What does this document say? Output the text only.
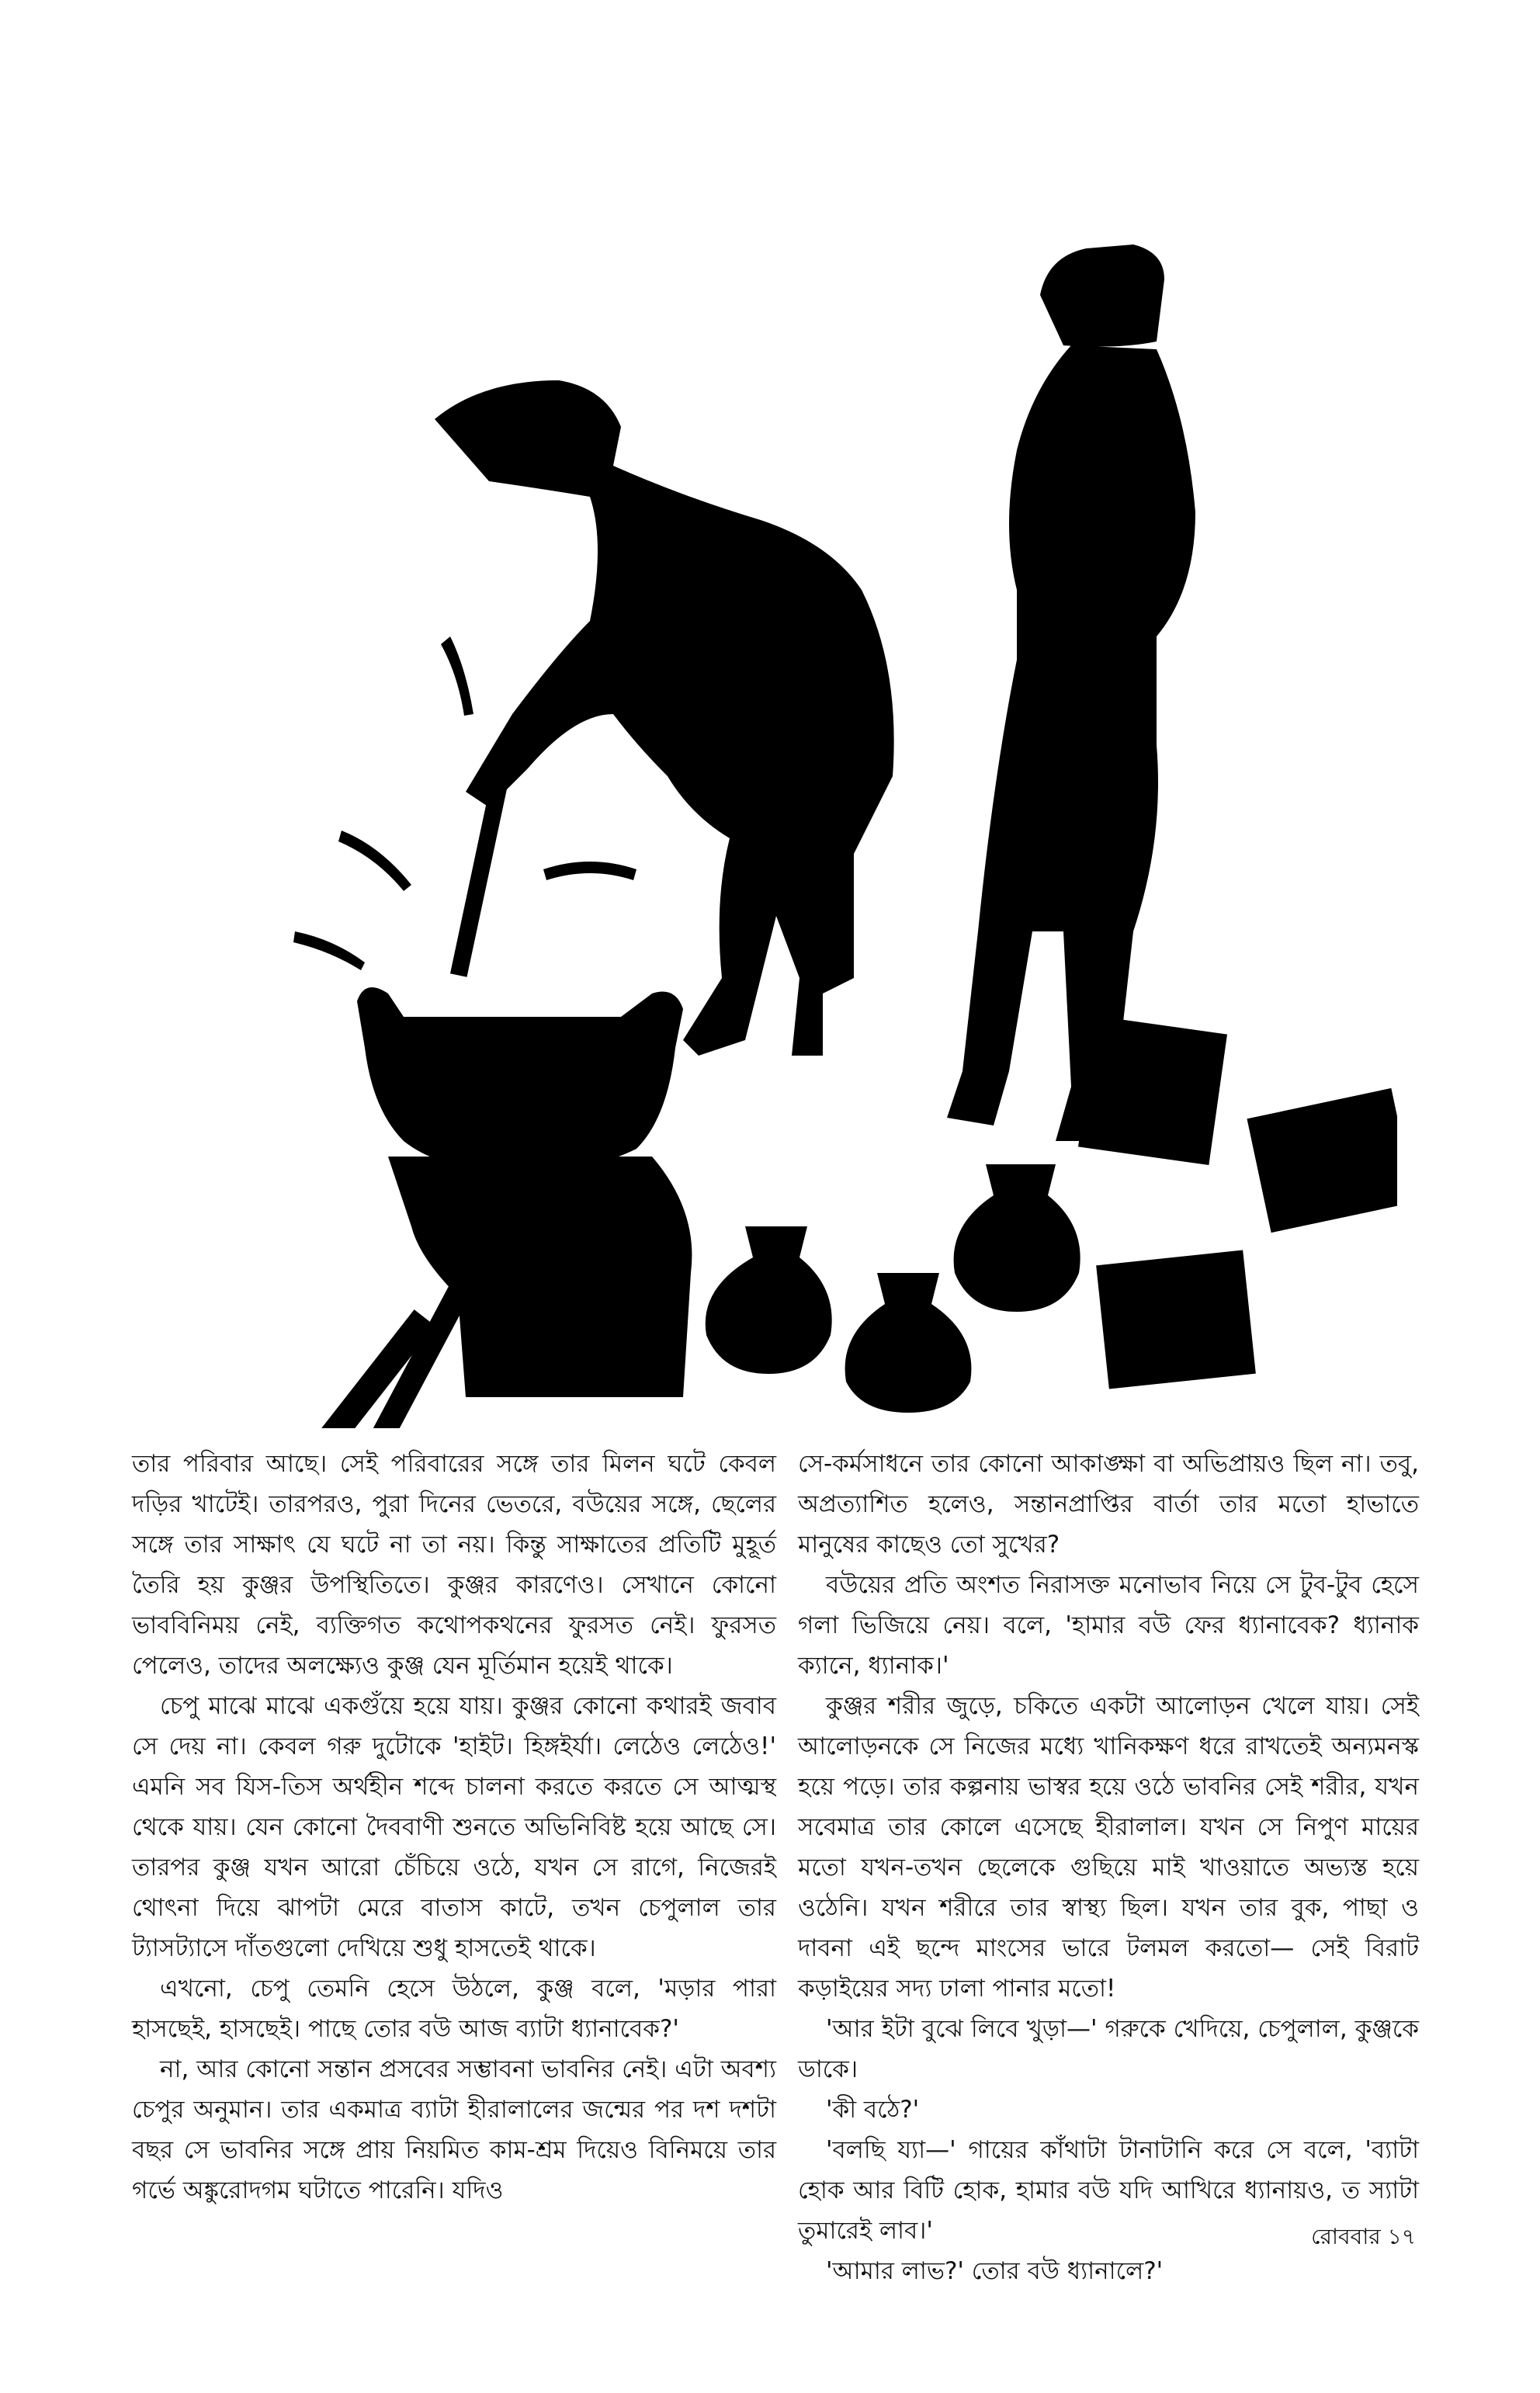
তার পরিবার আছে। সেই পরিবারের সঙ্গে তার মিলন ঘটে কেবল দড়ির খাটেই। তারপরও, পুরা দিনের ভেতরে, বউয়ের সঙ্গে, ছেলের সঙ্গে তার সাক্ষাৎ যে ঘটে না তা নয়। কিন্তু সাক্ষাতের প্রতিটি মুহূর্ত তৈরি হয় কুঞ্জর উপস্থিতিতে। কুঞ্জর কারণেও। সেখানে কোনো ভাববিনিময় নেই, ব্যক্তিগত কথোপকথনের ফুরসত নেই। ফুরসত পেলেও, তাদের অলক্ষ্যেও কুঞ্জ যেন মূর্তিমান হয়েই থাকে।

চেপু মাঝে মাঝে একগুঁয়ে হয়ে যায়। কুঞ্জর কোনো কথারই জবাব সে দেয় না। কেবল গরু দুটোকে 'হাইট। হিঙ্গইর্যা। লেঠেও লেঠেও!' এমনি সব যিস-তিস অর্থহীন শব্দে চালনা করতে করতে সে আত্মস্থ থেকে যায়। যেন কোনো দৈববাণী শুনতে অভিনিবিষ্ট হয়ে আছে সে। তারপর কুঞ্জ যখন আরো চেঁচিয়ে ওঠে, যখন সে রাগে, নিজেরই থোৎনা দিয়ে ঝাপটা মেরে বাতাস কাটে, তখন চেপুলাল তার ট্যাসট্যাসে দাঁতগুলো দেখিয়ে শুধু হাসতেই থাকে।

এখনো, চেপু তেমনি হেসে উঠলে, কুঞ্জ বলে, 'মড়ার পারা হাসছেই, হাসছেই। পাছে তোর বউ আজ ব্যাটা ধ্যানাবেক?'

না, আর কোনো সন্তান প্রসবের সম্ভাবনা ভাবনির নেই। এটা অবশ্য চেপুর অনুমান। তার একমাত্র ব্যাটা হীরালালের জন্মের পর দশ দশটা বছর সে ভাবনির সঙ্গে প্রায় নিয়মিত কাম-শ্রম দিয়েও বিনিময়ে তার গর্ভে অঙ্কুরোদগম ঘটাতে পারেনি। যদিও

সে-কর্মসাধনে তার কোনো আকাঙ্ক্ষা বা অভিপ্রায়ও ছিল না। তবু, অপ্রত্যাশিত হলেও, সন্তানপ্রাপ্তির বার্তা তার মতো হাভাতে মানুষের কাছেও তো সুখের?

বউয়ের প্রতি অংশত নিরাসক্ত মনোভাব নিয়ে সে টুব-টুব হেসে গলা ভিজিয়ে নেয়। বলে, 'হামার বউ ফের ধ্যানাবেক? ধ্যানাক ক্যানে, ধ্যানাক।'

কুঞ্জর শরীর জুড়ে, চকিতে একটা আলোড়ন খেলে যায়। সেই আলোড়নকে সে নিজের মধ্যে খানিকক্ষণ ধরে রাখতেই অন্যমনস্ক হয়ে পড়ে। তার কল্পনায় ভাস্বর হয়ে ওঠে ভাবনির সেই শরীর, যখন সবেমাত্র তার কোলে এসেছে হীরালাল। যখন সে নিপুণ মায়ের মতো যখন-তখন ছেলেকে গুছিয়ে মাই খাওয়াতে অভ্যস্ত হয়ে ওঠেনি। যখন শরীরে তার স্বাস্থ্য ছিল। যখন তার বুক, পাছা ও দাবনা এই ছন্দে মাংসের ভারে টলমল করতো— সেই বিরাট কড়াইয়ের সদ্য ঢালা পানার মতো!

'আর ইটা বুঝে লিবে খুড়া—' গরুকে খেদিয়ে, চেপুলাল, কুঞ্জকে ডাকে।

'কী বঠে?'

'বলছি য্যা—' গায়ের কাঁথাটা টানাটানি করে সে বলে, 'ব্যাটা হোক আর বিটি হোক, হামার বউ যদি আখিরে ধ্যানায়ও, ত স্যাটা তুমারেই লাব।'

'আমার লাভ?' তোর বউ ধ্যানালে?'

রোববার ১৭
